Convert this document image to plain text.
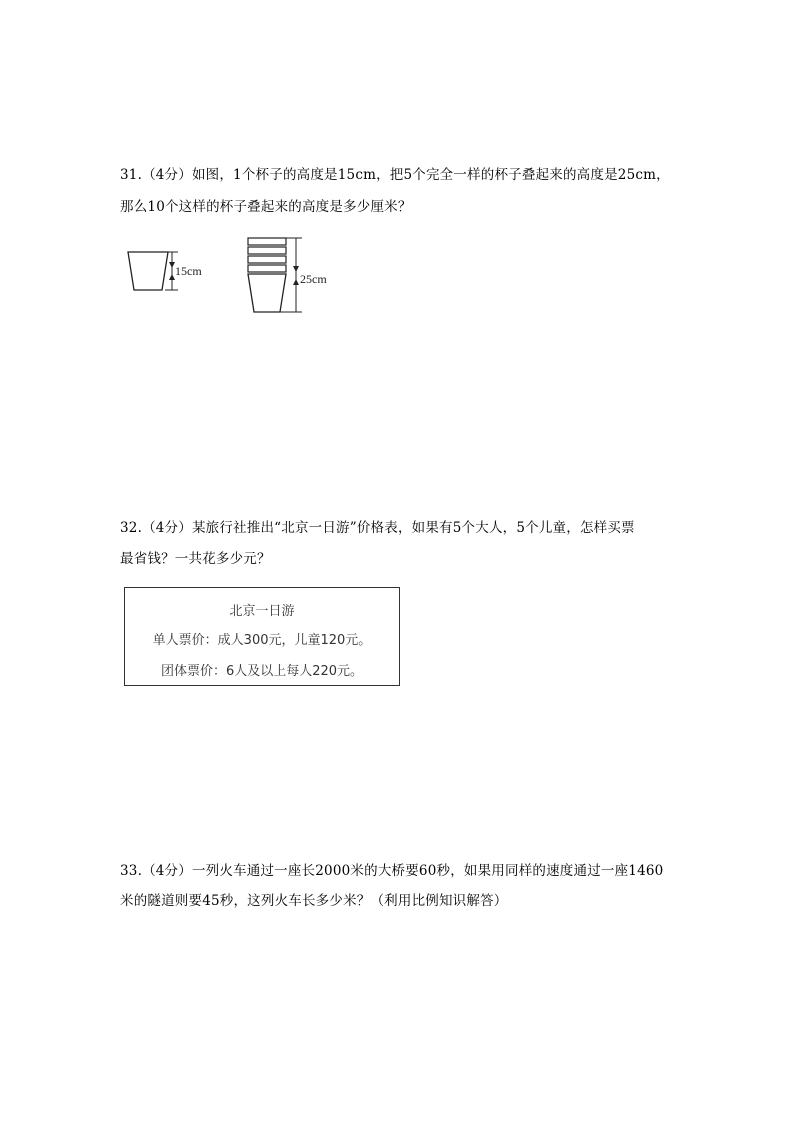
31.（4分）如图，1个杯子的高度是15cm，把5个完全一样的杯子叠起来的高度是25cm，
那么10个这样的杯子叠起来的高度是多少厘米？
15cm
25cm
32.（4分）某旅行社推出“北京一日游”价格表，如果有5个大人，5个儿童，怎样买票
最省钱？一共花多少元？
北京一日游
单人票价：成人300元，儿童120元。
团体票价：6人及以上每人220元。
33.（4分）一列火车通过一座长2000米的大桥要60秒，如果用同样的速度通过一座1460
米的隧道则要45秒，这列火车长多少米？（利用比例知识解答）
